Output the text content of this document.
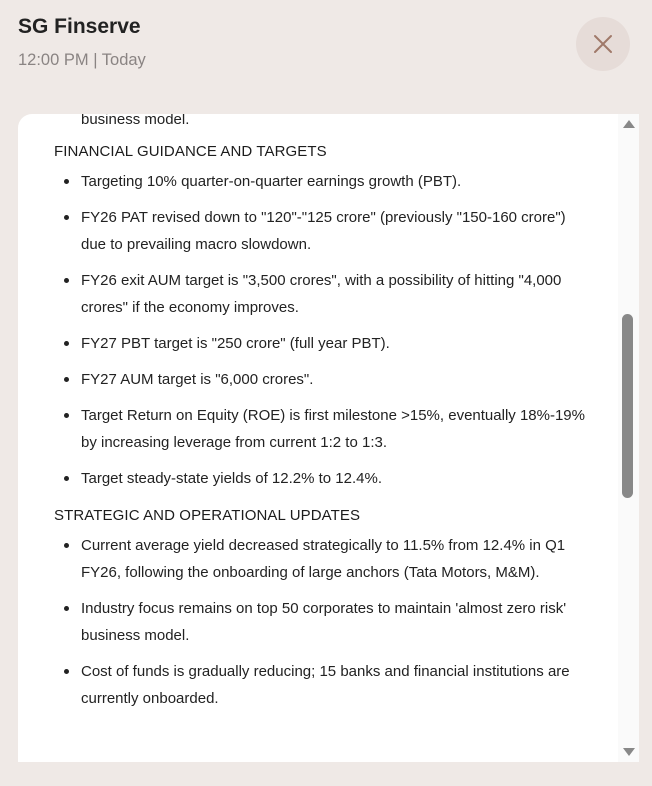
SG Finserve
12:00 PM | Today
business model.
FINANCIAL GUIDANCE AND TARGETS
Targeting 10% quarter-on-quarter earnings growth (PBT).
FY26 PAT revised down to "120"-"125 crore" (previously "150-160 crore") due to prevailing macro slowdown.
FY26 exit AUM target is "3,500 crores", with a possibility of hitting "4,000 crores" if the economy improves.
FY27 PBT target is "250 crore" (full year PBT).
FY27 AUM target is "6,000 crores".
Target Return on Equity (ROE) is first milestone >15%, eventually 18%-19% by increasing leverage from current 1:2 to 1:3.
Target steady-state yields of 12.2% to 12.4%.
STRATEGIC AND OPERATIONAL UPDATES
Current average yield decreased strategically to 11.5% from 12.4% in Q1 FY26, following the onboarding of large anchors (Tata Motors, M&M).
Industry focus remains on top 50 corporates to maintain 'almost zero risk' business model.
Cost of funds is gradually reducing; 15 banks and financial institutions are currently onboarded.
